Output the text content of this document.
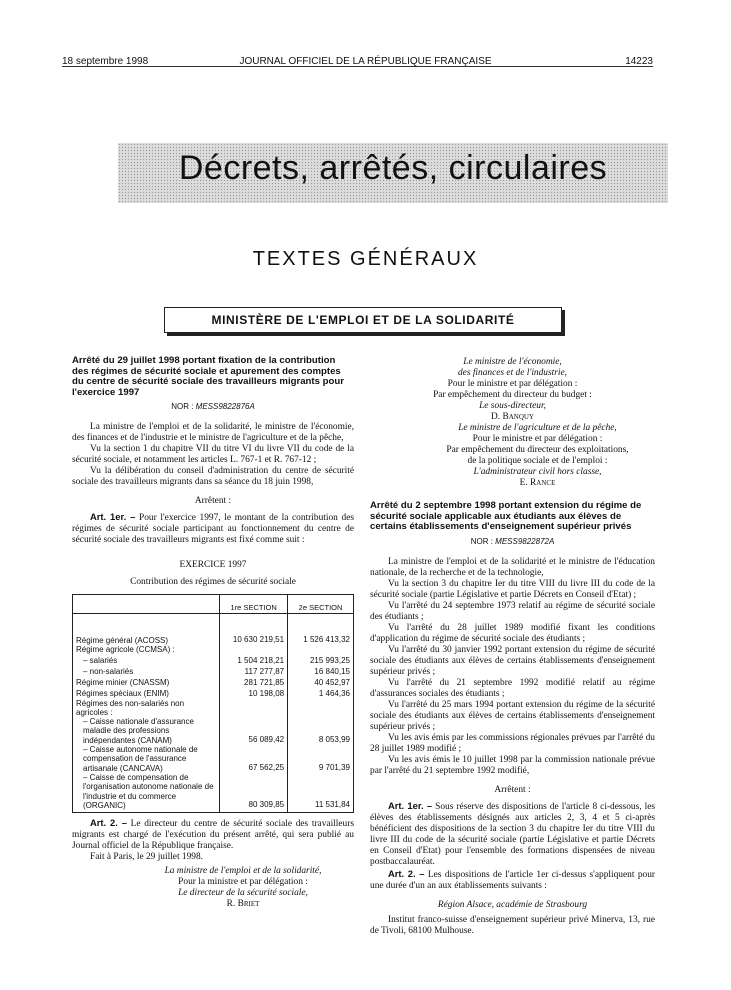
18 septembre 1998	JOURNAL OFFICIEL DE LA RÉPUBLIQUE FRANÇAISE	14223
Décrets, arrêtés, circulaires
TEXTES GÉNÉRAUX
MINISTÈRE DE L'EMPLOI ET DE LA SOLIDARITÉ

Arrêté du 29 juillet 1998 portant fixation de la contribution des régimes de sécurité sociale et apurement des comptes du centre de sécurité sociale des travailleurs migrants pour l'exercice 1997

NOR : MESS9822876A

La ministre de l'emploi et de la solidarité, le ministre de l'économie, des finances et de l'industrie et le ministre de l'agriculture et de la pêche,

Vu la section 1 du chapitre VII du titre VI du livre VII du code de la sécurité sociale, et notamment les articles L. 767-1 et R. 767-12 ;

Vu la délibération du conseil d'administration du centre de sécurité sociale des travailleurs migrants dans sa séance du 18 juin 1998,

Arrêtent :

Art. 1er. – Pour l'exercice 1997, le montant de la contribution des régimes de sécurité sociale participant au fonctionnement du centre de sécurité sociale des travailleurs migrants est fixé comme suit :

EXERCICE 1997

Contribution des régimes de sécurité sociale

	1re SECTION	2e SECTION
Régime général (ACOSS)	10 630 219,51	1 526 413,32
Régime agricole (CCMSA) :		
– salariés	1 504 218,21	215 993,25
– non-salariés	117 277,87	16 840,15
Régime minier (CNASSM)	281 721,85	40 452,97
Régimes spéciaux (ENIM)	10 198,08	1 464,36
Régimes des non-salariés non agricoles :		
– Caisse nationale d'assurance maladie des professions indépendantes (CANAM)	56 089,42	8 053,99
– Caisse autonome nationale de compensation de l'assurance artisanale (CANCAVA)	67 562,25	9 701,39
– Caisse de compensation de l'organisation autonome nationale de l'industrie et du commerce (ORGANIC)	80 309,85	11 531,84

Art. 2. – Le directeur du centre de sécurité sociale des travailleurs migrants est chargé de l'exécution du présent arrêté, qui sera publié au Journal officiel de la République française.

Fait à Paris, le 29 juillet 1998.

La ministre de l'emploi et de la solidarité,

Pour la ministre et par délégation :

Le directeur de la sécurité sociale,

R. Briet

Le ministre de l'économie,

des finances et de l'industrie,

Pour le ministre et par délégation :

Par empêchement du directeur du budget :

Le sous-directeur,

D. Banquy

Le ministre de l'agriculture et de la pêche,

Pour le ministre et par délégation :

Par empêchement du directeur des exploitations,

de la politique sociale et de l'emploi :

L'administrateur civil hors classe,

E. Rance

Arrêté du 2 septembre 1998 portant extension du régime de sécurité sociale applicable aux étudiants aux élèves de certains établissements d'enseignement supérieur privés

NOR : MESS9822872A

La ministre de l'emploi et de la solidarité et le ministre de l'éducation nationale, de la recherche et de la technologie,

Vu la section 3 du chapitre Ier du titre VIII du livre III du code de la sécurité sociale (partie Législative et partie Décrets en Conseil d'Etat) ;

Vu l'arrêté du 24 septembre 1973 relatif au régime de sécurité sociale des étudiants ;

Vu l'arrêté du 28 juillet 1989 modifié fixant les conditions d'application du régime de sécurité sociale des étudiants ;

Vu l'arrêté du 30 janvier 1992 portant extension du régime de sécurité sociale des étudiants aux élèves de certains établissements d'enseignement supérieur privés ;

Vu l'arrêté du 21 septembre 1992 modifié relatif au régime d'assurances sociales des étudiants ;

Vu l'arrêté du 25 mars 1994 portant extension du régime de la sécurité sociale des étudiants aux élèves de certains établissements d'enseignement supérieur privés ;

Vu les avis émis par les commissions régionales prévues par l'arrêté du 28 juillet 1989 modifié ;

Vu les avis émis le 10 juillet 1998 par la commission nationale prévue par l'arrêté du 21 septembre 1992 modifié,

Arrêtent :

Art. 1er. – Sous réserve des dispositions de l'article 8 ci-dessous, les élèves des établissements désignés aux articles 2, 3, 4 et 5 ci-après bénéficient des dispositions de la section 3 du chapitre Ier du titre VIII du livre III du code de la sécurité sociale (partie Législative et partie Décrets en Conseil d'Etat) pour l'ensemble des formations dispensées de niveau postbaccalauréat.

Art. 2. – Les dispositions de l'article 1er ci-dessus s'appliquent pour une durée d'un an aux établissements suivants :

Région Alsace, académie de Strasbourg

Institut franco-suisse d'enseignement supérieur privé Minerva, 13, rue de Tivoli, 68100 Mulhouse.
